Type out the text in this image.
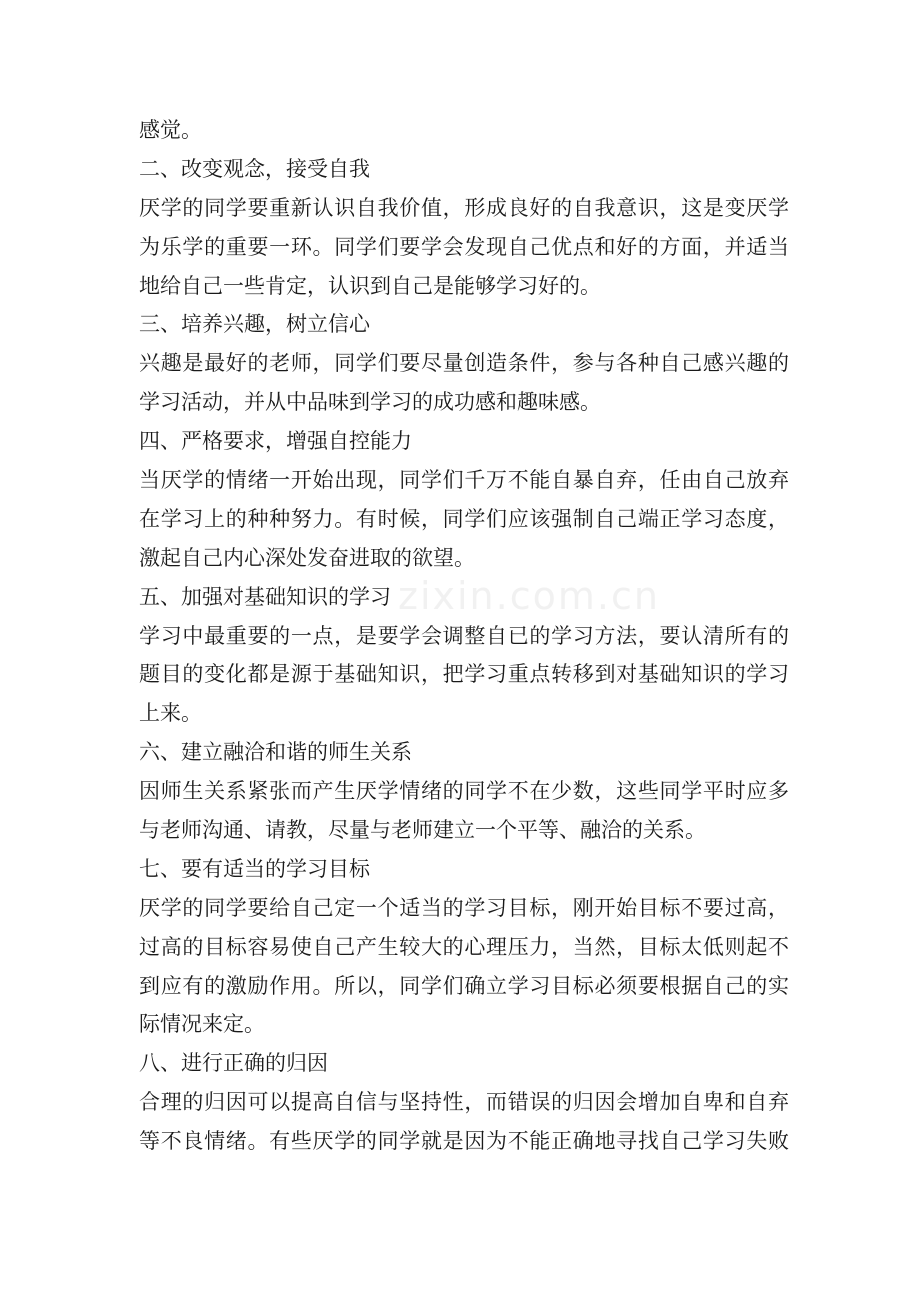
感觉。
二、改变观念，接受自我
厌学的同学要重新认识自我价值，形成良好的自我意识，这是变厌学
为乐学的重要一环。同学们要学会发现自己优点和好的方面，并适当
地给自己一些肯定，认识到自己是能够学习好的。
三、培养兴趣，树立信心
兴趣是最好的老师，同学们要尽量创造条件，参与各种自己感兴趣的
学习活动，并从中品味到学习的成功感和趣味感。
四、严格要求，增强自控能力
当厌学的情绪一开始出现，同学们千万不能自暴自弃，任由自己放弃
在学习上的种种努力。有时候，同学们应该强制自己端正学习态度，
激起自己内心深处发奋进取的欲望。
五、加强对基础知识的学习
学习中最重要的一点，是要学会调整自已的学习方法，要认清所有的
题目的变化都是源于基础知识，把学习重点转移到对基础知识的学习
上来。
六、建立融洽和谐的师生关系
因师生关系紧张而产生厌学情绪的同学不在少数，这些同学平时应多
与老师沟通、请教，尽量与老师建立一个平等、融洽的关系。
七、要有适当的学习目标
厌学的同学要给自己定一个适当的学习目标，刚开始目标不要过高，
过高的目标容易使自己产生较大的心理压力，当然，目标太低则起不
到应有的激励作用。所以，同学们确立学习目标必须要根据自己的实
际情况来定。
八、进行正确的归因
合理的归因可以提高自信与坚持性，而错误的归因会增加自卑和自弃
等不良情绪。有些厌学的同学就是因为不能正确地寻找自己学习失败
zixin.com.cn
